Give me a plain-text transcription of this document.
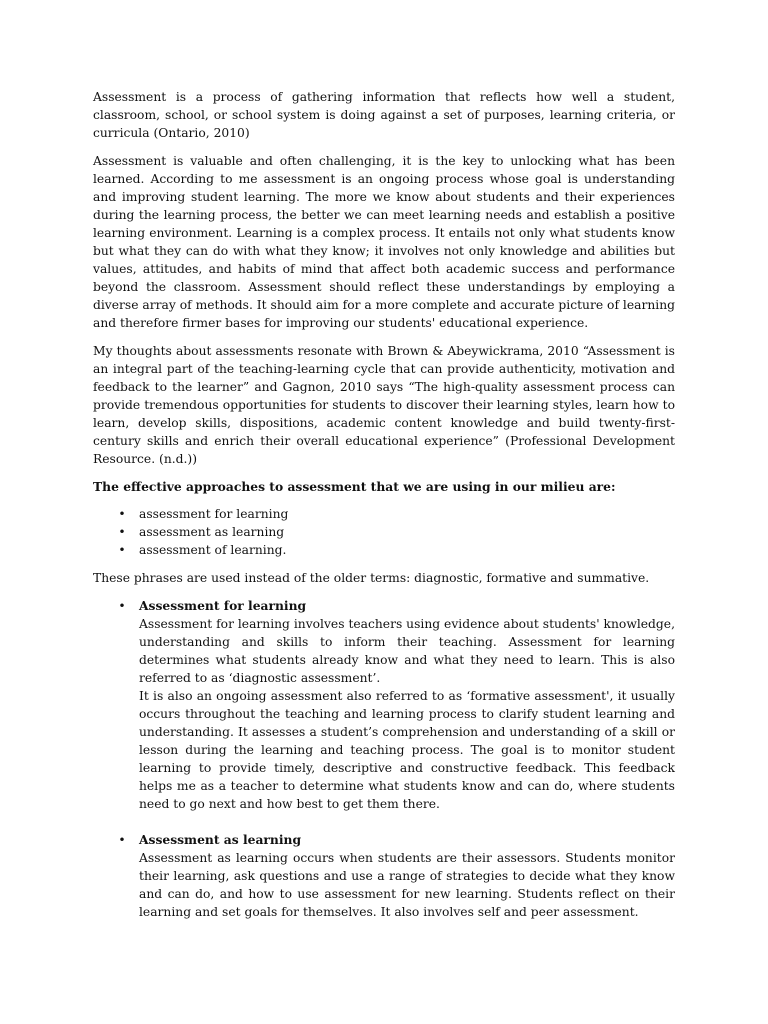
Assessment is a process of gathering information that reflects how well a student, classroom, school, or school system is doing against a set of purposes, learning criteria, or curricula (Ontario, 2010)

Assessment is valuable and often challenging, it is the key to unlocking what has been learned. According to me assessment is an ongoing process whose goal is understanding and improving student learning. The more we know about students and their experiences during the learning process, the better we can meet learning needs and establish a positive learning environment. Learning is a complex process. It entails not only what students know but what they can do with what they know; it involves not only knowledge and abilities but values, attitudes, and habits of mind that affect both academic success and performance beyond the classroom. Assessment should reflect these understandings by employing a diverse array of methods. It should aim for a more complete and accurate picture of learning and therefore firmer bases for improving our students' educational experience.

My thoughts about assessments resonate with Brown & Abeywickrama, 2010 “Assessment is an integral part of the teaching-learning cycle that can provide authenticity, motivation and feedback to the learner” and Gagnon, 2010 says “The high-quality assessment process can provide tremendous opportunities for students to discover their learning styles, learn how to learn, develop skills, dispositions, academic content knowledge and build twenty-first-century skills and enrich their overall educational experience” (Professional Development Resource. (n.d.))

The effective approaches to assessment that we are using in our milieu are:

• assessment for learning
• assessment as learning
• assessment of learning.

These phrases are used instead of the older terms: diagnostic, formative and summative.

• Assessment for learning
Assessment for learning involves teachers using evidence about students' knowledge, understanding and skills to inform their teaching. Assessment for learning determines what students already know and what they need to learn. This is also referred to as ‘diagnostic assessment’.
It is also an ongoing assessment also referred to as ‘formative assessment', it usually occurs throughout the teaching and learning process to clarify student learning and understanding. It assesses a student’s comprehension and understanding of a skill or lesson during the learning and teaching process. The goal is to monitor student learning to provide timely, descriptive and constructive feedback. This feedback helps me as a teacher to determine what students know and can do, where students need to go next and how best to get them there.
• Assessment as learning
Assessment as learning occurs when students are their assessors. Students monitor their learning, ask questions and use a range of strategies to decide what they know and can do, and how to use assessment for new learning. Students reflect on their learning and set goals for themselves. It also involves self and peer assessment.
